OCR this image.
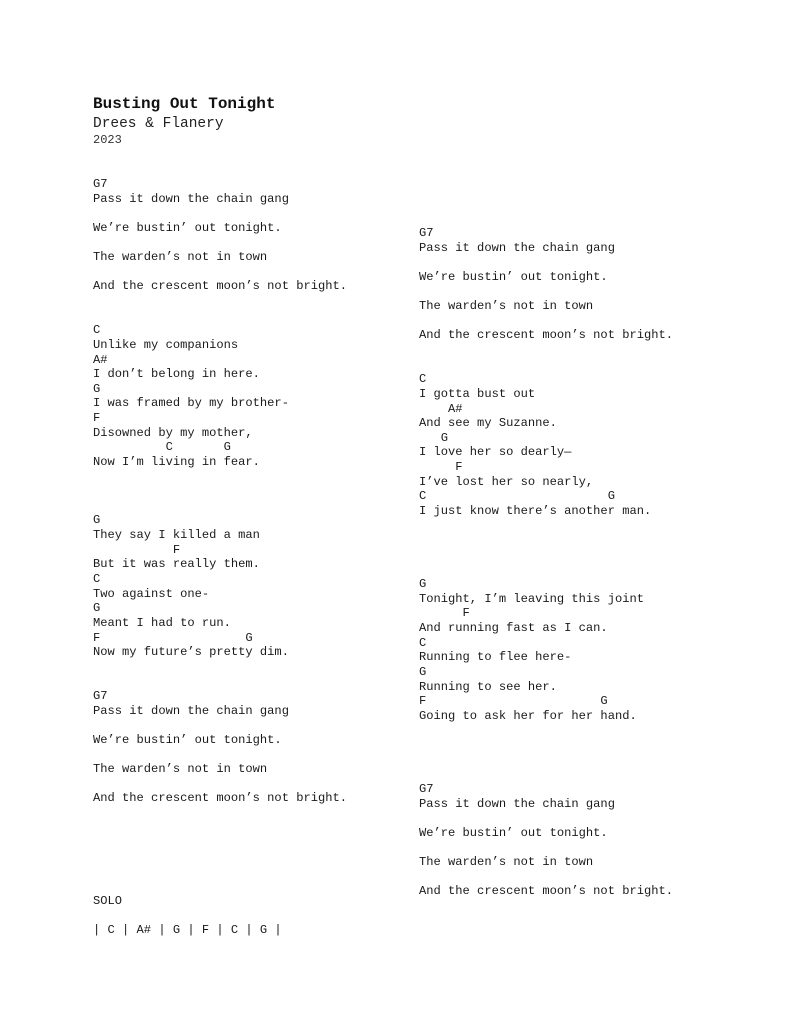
Busting Out Tonight
Drees & Flanery
2023
G7
Pass it down the chain gang
We’re bustin’ out tonight.
The warden’s not in town
And the crescent moon’s not bright.
C
Unlike my companions
A#
I don’t belong in here.
G
I was framed by my brother-
F
Disowned by my mother,
C       G
Now I’m living in fear.
G
They say I killed a man
F
But it was really them.
C
Two against one-
G
Meant I had to run.
F                    G
Now my future’s pretty dim.
G7
Pass it down the chain gang
We’re bustin’ out tonight.
The warden’s not in town
And the crescent moon’s not bright.
SOLO
| C | A# | G | F | C | G |
G7
Pass it down the chain gang
We’re bustin’ out tonight.
The warden’s not in town
And the crescent moon’s not bright.
C
I gotta bust out
A#
And see my Suzanne.
G
I love her so dearly—
F
I’ve lost her so nearly,
C                         G
I just know there’s another man.
G
Tonight, I’m leaving this joint
F
And running fast as I can.
C
Running to flee here-
G
Running to see her.
F                        G
Going to ask her for her hand.
G7
Pass it down the chain gang
We’re bustin’ out tonight.
The warden’s not in town
And the crescent moon’s not bright.
